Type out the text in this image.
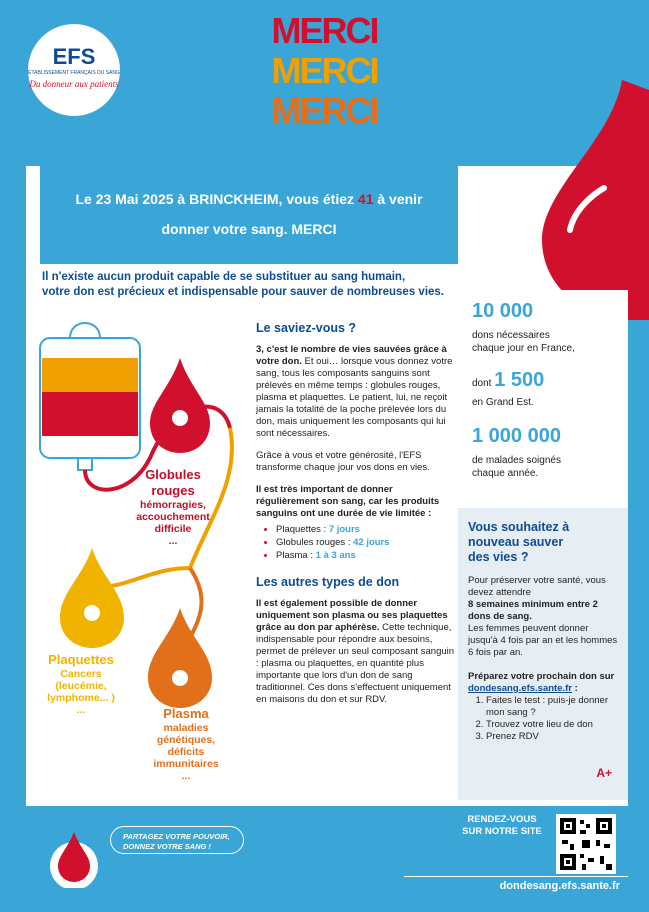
EFS
ÉTABLISSEMENT FRANÇAIS DU SANG
Du donneur aux patients
MERCI
MERCI
MERCI
Le 23 Mai 2025 à BRINCKHEIM, vous étiez 41 à venir
donner votre sang. MERCI
Il n'existe aucun produit capable de se substituer au sang humain,
votre don est précieux et indispensable pour sauver de nombreuses vies.
Globules
rouges
hémorragies,
accouchement
difficile
...
Plaquettes
Cancers
(leucémie,
lymphome... )
...	Plasma
maladies
génétiques,
déficits
immunitaires
...
Le saviez-vous ?

3, c'est le nombre de vies sauvées grâce à votre don. Et oui… lorsque vous donnez votre sang, tous les composants sanguins sont prélevés en même temps : globules rouges, plasma et plaquettes. Le patient, lui, ne reçoit jamais la totalité de la poche prélevée lors du don, mais uniquement les composants qui lui sont nécessaires.

Grâce à vous et votre générosité, l'EFS transforme chaque jour vos dons en vies.

Il est très important de donner régulièrement son sang, car les produits sanguins ont une durée de vie limitée :

• Plaquettes : 7 jours
• Globules rouges : 42 jours
• Plasma : 1 à 3 ans
Les autres types de don

Il est également possible de donner uniquement son plasma ou ses plaquettes grâce au don par aphérèse. Cette technique, indispensable pour répondre aux besoins, permet de prélever un seul composant sanguin : plasma ou plaquettes, en quantité plus importante que lors d'un don de sang traditionnel. Ces dons s'effectuent uniquement en maisons du don et sur RDV.

10 000
dons nécessaires
chaque jour en France,
dont 1 500
en Grand Est.
1 000 000
de malades soignés
chaque année.
Vous souhaitez à
nouveau sauver
des vies ?
Pour préserver votre santé, vous devez attendre
8 semaines minimum entre 2 dons de sang.
Les femmes peuvent donner jusqu'à 4 fois par an et les hommes 6 fois par an.
Préparez votre prochain don sur dondesang.efs.sante.fr :
1. Faites le test : puis-je donner mon sang ?
2. Trouvez votre lieu de don
3. Prenez RDV
A+
PARTAGEZ VOTRE POUVOIR,
DONNEZ VOTRE SANG !
RENDEZ-VOUS
SUR NOTRE SITE
dondesang.efs.sante.fr
